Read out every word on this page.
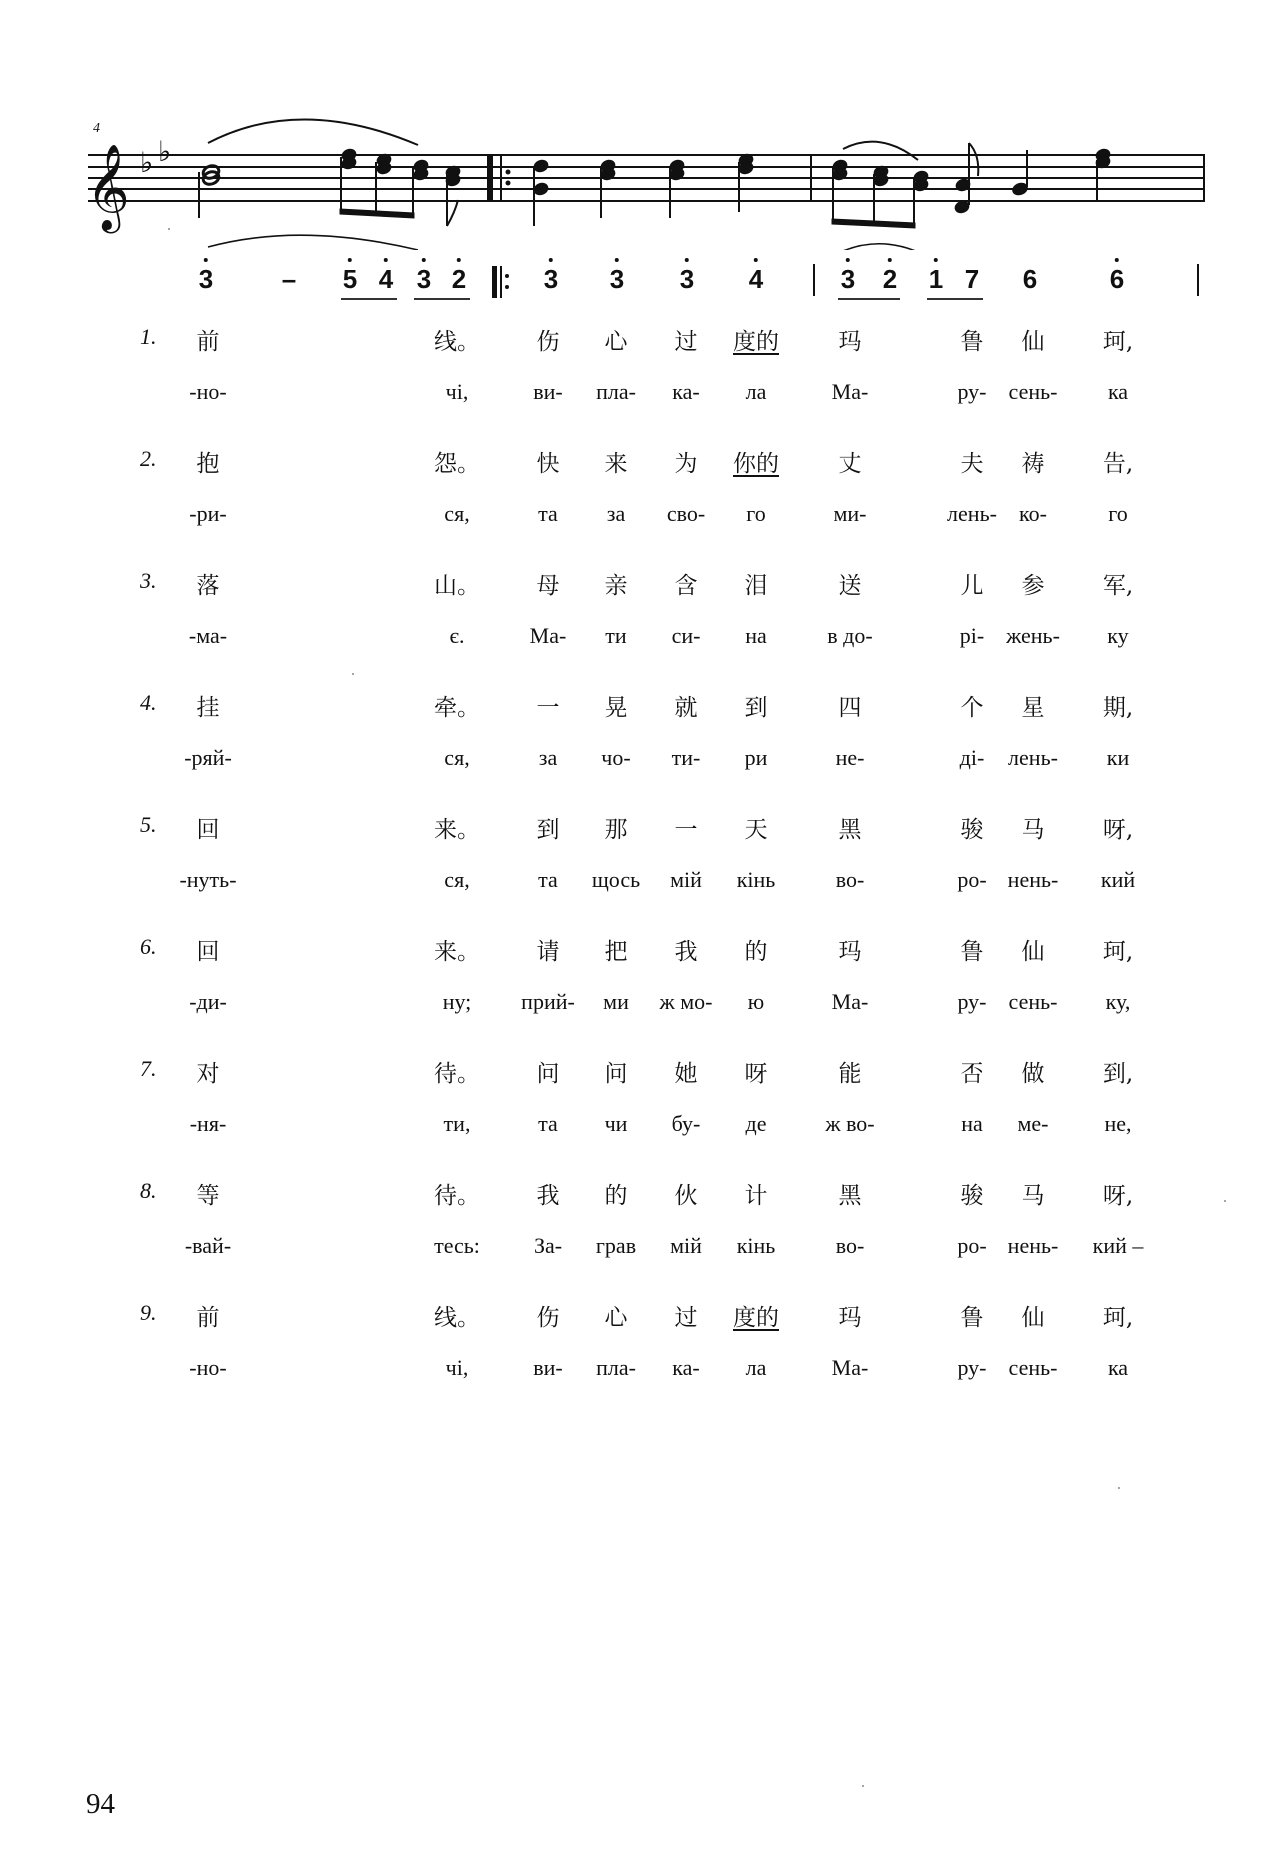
𝄞 ♭ ♭
4
3	– 5 4 3 2	3 3 3 4	3 2 1 7 6	6
1. 前	线。 伤 心 过 度的	玛	鲁 仙	珂,
-но-	чі,	ви- пла- ка- ла	Ма-	ру- сень- ка
2. 抱	怨。 快 来 为 你的	丈	夫 祷	告,
-ри-	ся,	та за сво- го	ми-	лень- ко-	го
3. 落	山。 母 亲 含 泪	送	儿 参	军,
-ма-	є.	Ма- ти си- на	в до-	рі- жень- ку
4. 挂	牵。 一 晃 就 到	四	个 星	期,
-ряй-	ся,	за чо- ти- ри	не-	ді- лень- ки
5. 回	来。 到 那 一 天	黑	骏 马	呀,
-нуть-	ся,	та щось мій кінь	во-	ро- нень- кий
6. 回	来。 请 把 我 的	玛	鲁 仙	珂,
-ди-	ну; прий- ми ж мо- ю	Ма-	ру- сень- ку,
7. 对	待。 问 问 她 呀	能	否 做	到,
-ня-	ти,	та чи бу- де	ж во-	на ме-	не,
8. 等	待。 我 的 伙 计	黑	骏 马	呀,
-вай-	тесь: За- грав мій кінь	во-	ро- нень- кий –
9. 前	线。 伤 心 过 度的	玛	鲁 仙	珂,
-но-	чі,	ви- пла- ка- ла	Ма-	ру- сень- ка
94
